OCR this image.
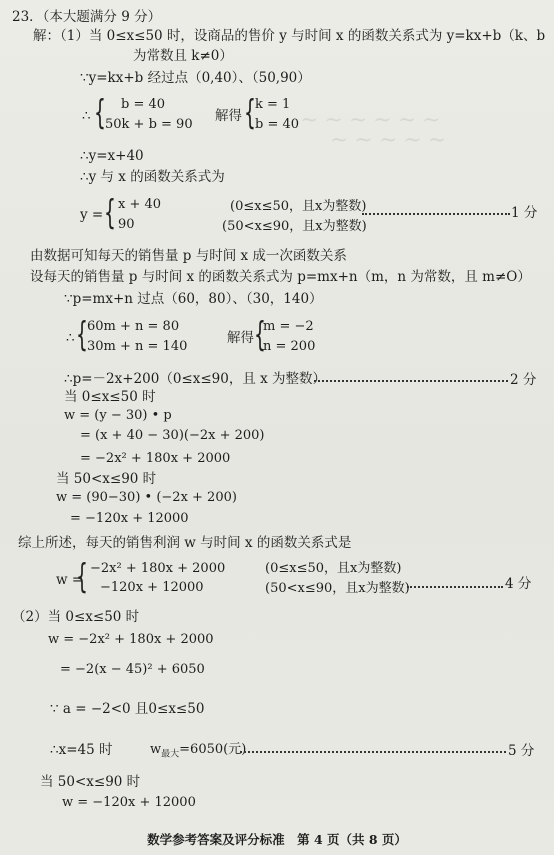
~~~~~~
~~~~~
23．（本大题满分 9 分）
解：（1）当 0≤x≤50 时，设商品的售价 y 与时间 x 的函数关系式为 y=kx+b（k、b
为常数且 k≠0）
∵y=kx+b 经过点（0,40）、（50,90）
∴ { b = 40
50k + b = 90
解得 { k = 1
b = 40
∴y=x+40
∴y 与 x 的函数关系式为
y = { x + 40
90
(0≤x≤50，且x为整数)
(50<x≤90，且x为整数)
1 分
由数据可知每天的销售量 p 与时间 x 成一次函数关系
设每天的销售量 p 与时间 x 的函数关系式为 p=mx+n（m，n 为常数，且 m≠O）
∵p=mx+n 过点（60，80）、（30，140）
∴ { 60m + n = 80
30m + n = 140
解得 {
m = −2
n = 200
∴p=－2x+200（0≤x≤90，且 x 为整数）	2 分
当 0≤x≤50 时
w = (y − 30) • p
= (x + 40 − 30)(−2x + 200)
= −2x² + 180x + 2000
当 50<x≤90 时
w = (90−30) • (−2x + 200)
= −120x + 12000
综上所述，每天的销售利润 w 与时间 x 的函数关系式是
w =
{ −2x² + 180x + 2000
−120x + 12000
(0≤x≤50，且x为整数)
(50<x≤90，且x为整数)	4 分
（2）当 0≤x≤50 时
w = −2x² + 180x + 2000
= −2(x − 45)² + 6050
∵ a = −2<0 且0≤x≤50
∴x=45 时	$w_{最大}=6050$(元)	5 分
当 50<x≤90 时
w = −120x + 12000
数学参考答案及评分标准　第 4 页（共 8 页）
